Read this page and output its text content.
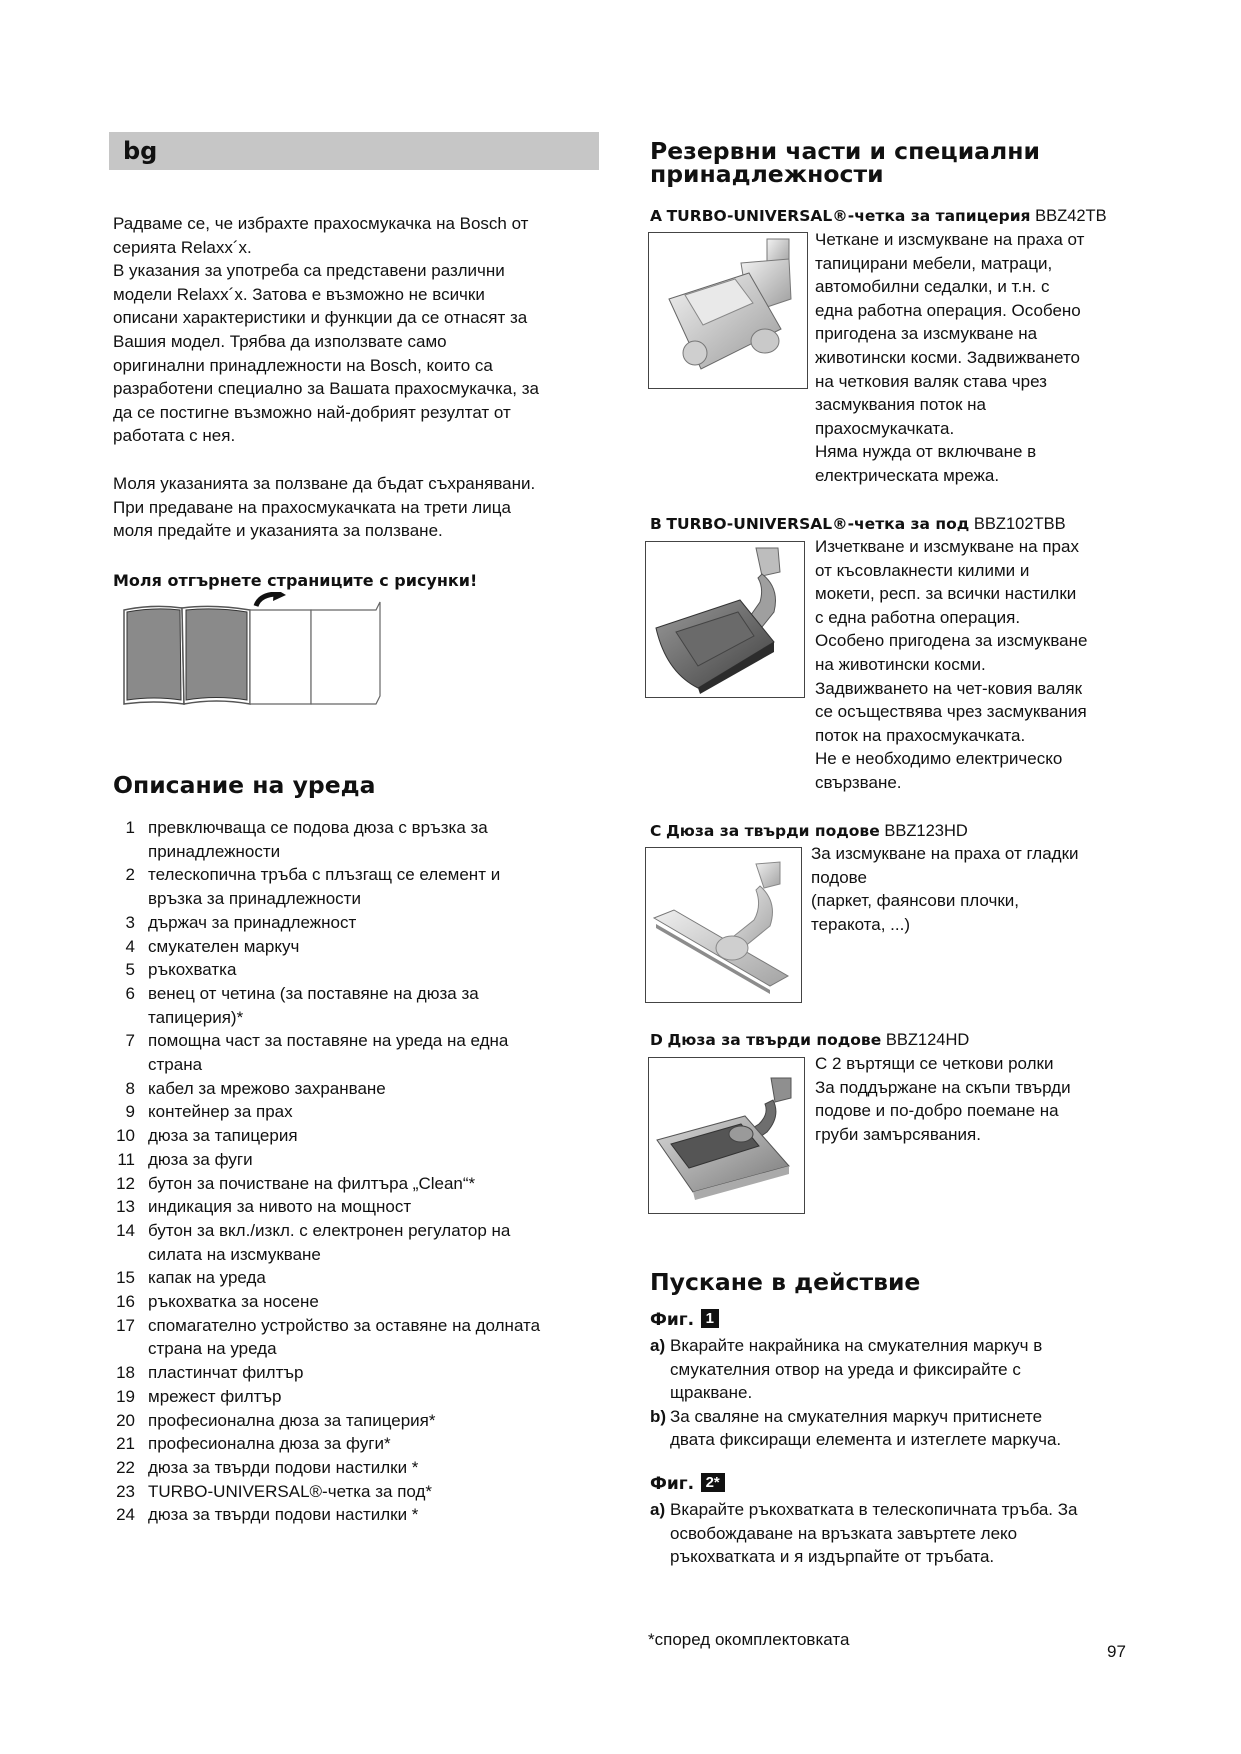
bg

Радваме се, че избрахте прахосмукачка на Bosch от

серията Relaxx´x.

В указания за употреба са представени различни

модели Relaxx´x. Затова е възможно не всички

описани характеристики и функции да се отнасят за

Вашия модел. Трябва да използвате само

оригинални принадлежности на Bosch, които са

разработени специално за Вашата прахосмукачка, за

да се постигне възможно най-добрият резултат от

работата с нея.

Моля указанията за ползване да бъдат съхранявани.

При предаване на прахосмукачката на трети лица

моля предайте и указанията за ползване.

Моля отгърнете страниците с рисунки!
Описание на уреда
1 превключваща се подова дюза с връзка за
принадлежности
2 телескопична тръба с плъзгащ се елемент и
връзка за принадлежности
3 държач за принадлежност
4 смукателен маркуч
5 ръкохватка
6 венец от четина (за поставяне на дюза за
тапицерия)*
7 помощна част за поставяне на уреда на една
страна
8 кабел за мрежово захранване
9 контейнер за прах
10 дюза за тапицерия
11 дюза за фуги
12 бутон за почистване на филтъра „Clean“*
13 индикация за нивото на мощност
14 бутон за вкл./изкл. с електронен регулатор на
силата на изсмукване
15 капак на уреда
16 ръкохватка за носене
17 спомагателно устройство за оставяне на долната
страна на уреда
18 пластинчат филтър
19 мрежест филтър
20 професионална дюза за тапицерия*
21 професионална дюза за фуги*
22 дюза за твърди подови настилки *
23 TURBO-UNIVERSAL®-четка за под*
24 дюза за твърди подови настилки *
Резервни части и специални
принадлежности
A TURBO-UNIVERSAL®-четка за тапицерия BBZ42TB
Четкане и изсмукване на праха от
тапицирани мебели, матраци,
автомобилни седалки, и т.н. с
една работна операция. Особено
пригодена за изсмукване на
животински косми. Задвижването
на четковия валяк става чрез
засмуквания поток на
прахосмукачката.
Няма нужда от включване в
електрическата мрежа.
B TURBO-UNIVERSAL®-четка за под BBZ102TBB
Изчеткване и изсмукване на прах
от късовлакнести килими и
мокети, респ. за всички настилки
с една работна операция.
Особено пригодена за изсмукване
на животински косми.
Задвижването на чет-ковия валяк
се осъществява чрез засмуквания
поток на прахосмукачката.
Не е необходимо електрическо
свързване.
C Дюза за твърди подове BBZ123HD
За изсмукване на праха от гладки
подове
(паркет, фаянсови плочки,
теракота, ...)
D Дюза за твърди подове BBZ124HD
С 2 въртящи се четкови ролки
За поддържане на скъпи твърди
подове и по-добро поемане на
груби замърсявания.
Пускане в действие
Фиг. 1
a) Вкарайте накрайника на смукателния маркуч в
смукателния отвор на уреда и фиксирайте с
щракване.
b) За сваляне на смукателния маркуч притиснете
двата фиксиращи елемента и изтеглете маркуча.
Фиг. 2*
a) Вкарайте ръкохватката в телескопичната тръба. За
освобождаване на връзката завъртете леко
ръкохватката и я издърпайте от тръбата.
*според окомплектовката
97
